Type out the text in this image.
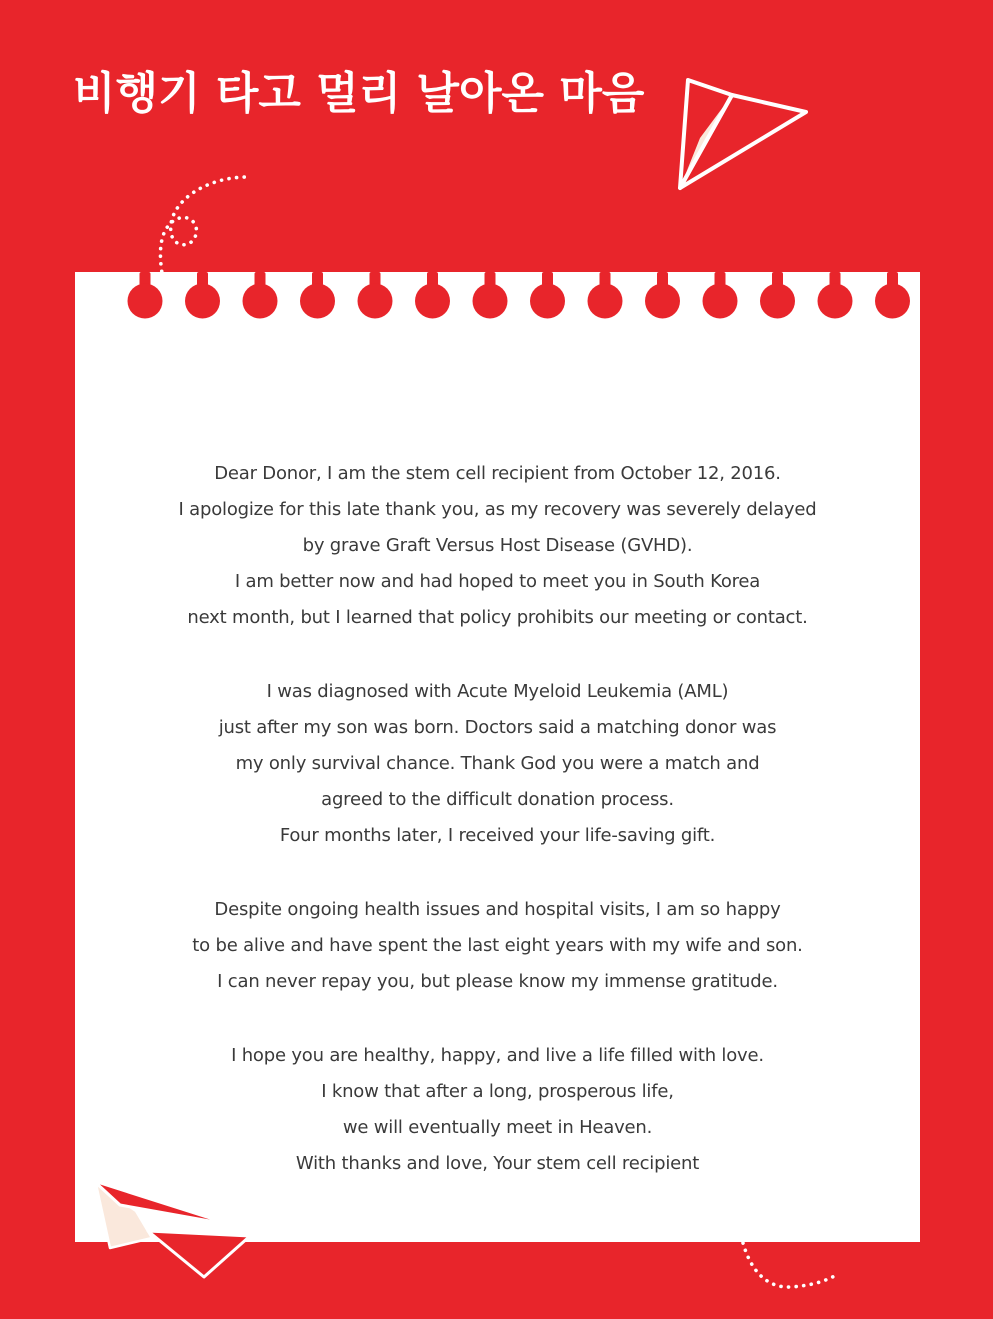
비행기 타고 멀리 날아온 마음

Dear Donor, I am the stem cell recipient from October 12, 2016.
I apologize for this late thank you, as my recovery was severely delayed
by grave Graft Versus Host Disease (GVHD).
I am better now and had hoped to meet you in South Korea
next month, but I learned that policy prohibits our meeting or contact.

I was diagnosed with Acute Myeloid Leukemia (AML)
just after my son was born. Doctors said a matching donor was
my only survival chance. Thank God you were a match and
agreed to the difficult donation process.
Four months later, I received your life-saving gift.

Despite ongoing health issues and hospital visits, I am so happy
to be alive and have spent the last eight years with my wife and son.
I can never repay you, but please know my immense gratitude.

I hope you are healthy, happy, and live a life filled with love.
I know that after a long, prosperous life,
we will eventually meet in Heaven.
With thanks and love, Your stem cell recipient
